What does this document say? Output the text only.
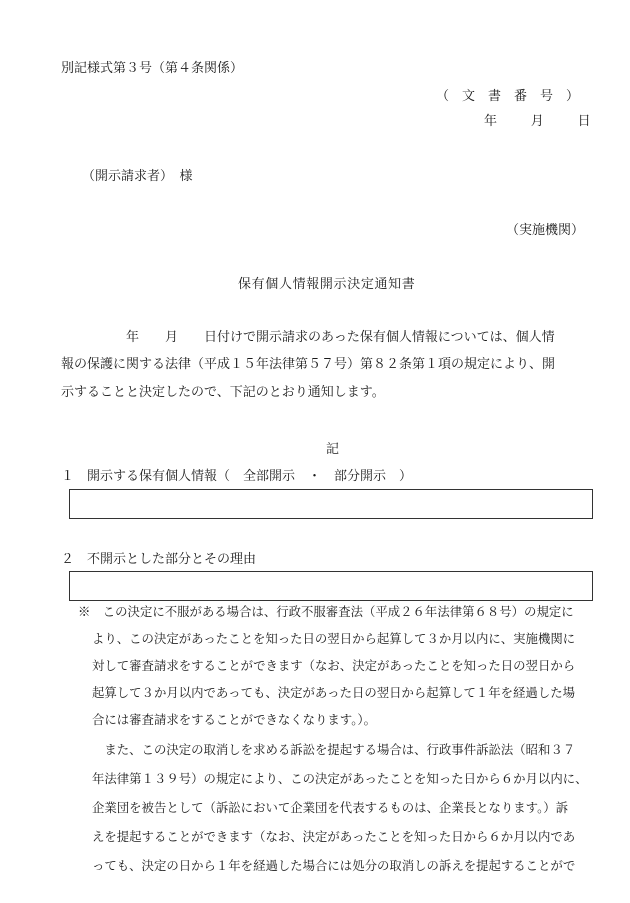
別記様式第３号（第４条関係）
（　文　書　番　号　）
年　　月　　日
（開示請求者）　様
（実施機関）
保有個人情報開示決定通知書
　　　　　年　　月　　日付けで開示請求のあった保有個人情報については、個人情
報の保護に関する法律（平成１５年法律第５７号）第８２条第１項の規定により、開
示することと決定したので、下記のとおり通知します。
記
１　開示する保有個人情報（　全部開示　・　部分開示　）
２　不開示とした部分とその理由
※　この決定に不服がある場合は、行政不服審査法（平成２６年法律第６８号）の規定に
より、この決定があったことを知った日の翌日から起算して３か月以内に、実施機関に
対して審査請求をすることができます（なお、決定があったことを知った日の翌日から
起算して３か月以内であっても、決定があった日の翌日から起算して１年を経過した場
合には審査請求をすることができなくなります。）。
　また、この決定の取消しを求める訴訟を提起する場合は、行政事件訴訟法（昭和３７
年法律第１３９号）の規定により、この決定があったことを知った日から６か月以内に、
企業団を被告として（訴訟において企業団を代表するものは、企業長となります。）訴
えを提起することができます（なお、決定があったことを知った日から６か月以内であ
っても、決定の日から１年を経過した場合には処分の取消しの訴えを提起することがで
